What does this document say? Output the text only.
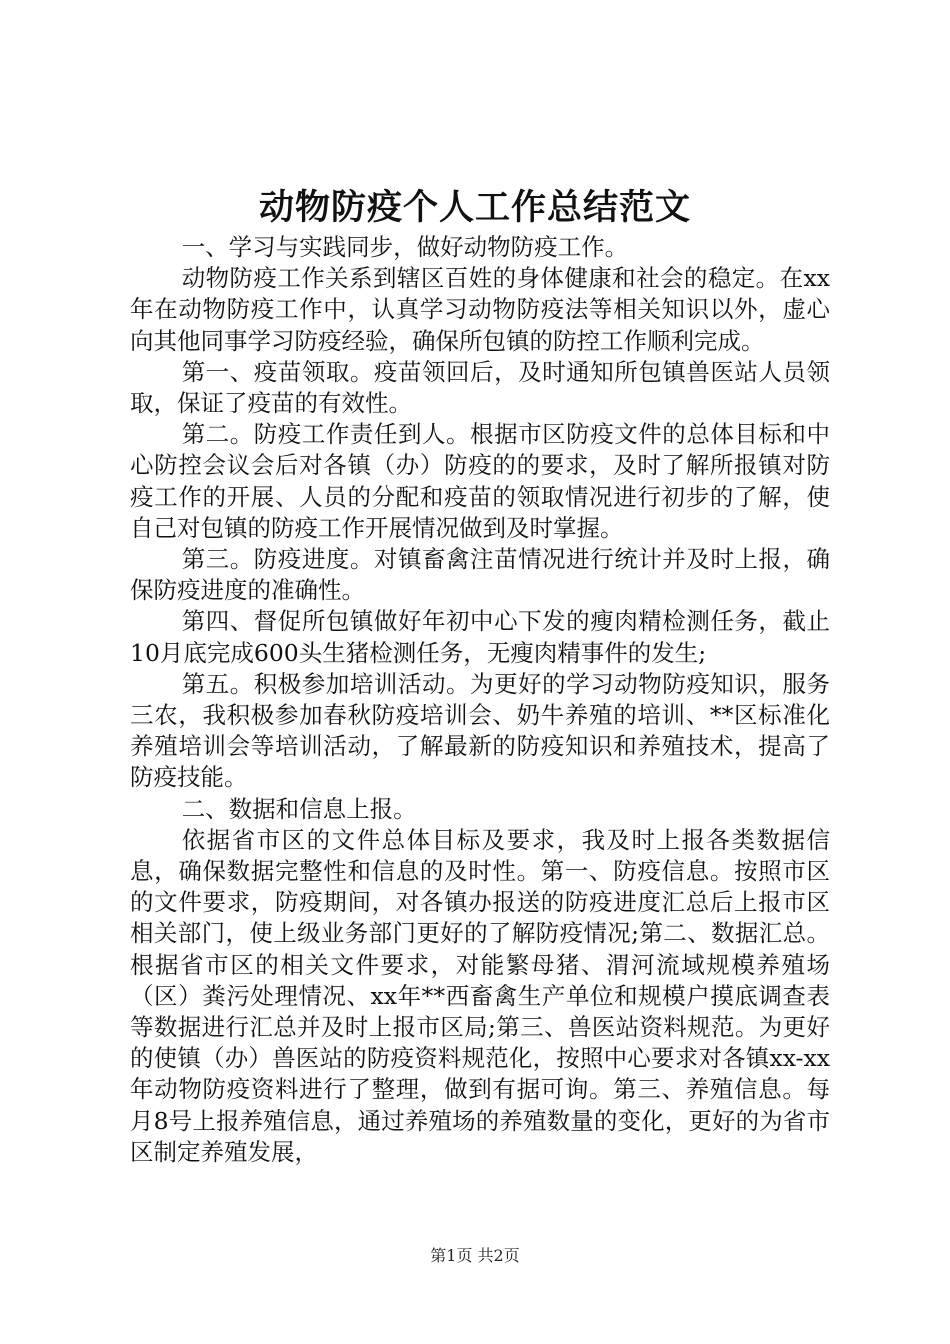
动物防疫个人工作总结范文

一、学习与实践同步，做好动物防疫工作。

动物防疫工作关系到辖区百姓的身体健康和社会的稳定。在xx年在动物防疫工作中，认真学习动物防疫法等相关知识以外，虚心向其他同事学习防疫经验，确保所包镇的防控工作顺利完成。

第一、疫苗领取。疫苗领回后，及时通知所包镇兽医站人员领取，保证了疫苗的有效性。

第二。防疫工作责任到人。根据市区防疫文件的总体目标和中心防控会议会后对各镇（办）防疫的的要求，及时了解所报镇对防疫工作的开展、人员的分配和疫苗的领取情况进行初步的了解，使自己对包镇的防疫工作开展情况做到及时掌握。

第三。防疫进度。对镇畜禽注苗情况进行统计并及时上报，确保防疫进度的准确性。

第四、督促所包镇做好年初中心下发的瘦肉精检测任务，截止10月底完成600头生猪检测任务，无瘦肉精事件的发生;

第五。积极参加培训活动。为更好的学习动物防疫知识，服务三农，我积极参加春秋防疫培训会、奶牛养殖的培训、**区标准化养殖培训会等培训活动，了解最新的防疫知识和养殖技术，提高了防疫技能。

二、数据和信息上报。

依据省市区的文件总体目标及要求，我及时上报各类数据信息，确保数据完整性和信息的及时性。第一、防疫信息。按照市区的文件要求，防疫期间，对各镇办报送的防疫进度汇总后上报市区相关部门，使上级业务部门更好的了解防疫情况;第二、数据汇总。根据省市区的相关文件要求，对能繁母猪、渭河流域规模养殖场（区）粪污处理情况、xx年**西畜禽生产单位和规模户摸底调查表等数据进行汇总并及时上报市区局;第三、兽医站资料规范。为更好的使镇（办）兽医站的防疫资料规范化，按照中心要求对各镇xx-xx年动物防疫资料进行了整理，做到有据可询。第三、养殖信息。每月8号上报养殖信息，通过养殖场的养殖数量的变化，更好的为省市区制定养殖发展，

第1页 共2页
